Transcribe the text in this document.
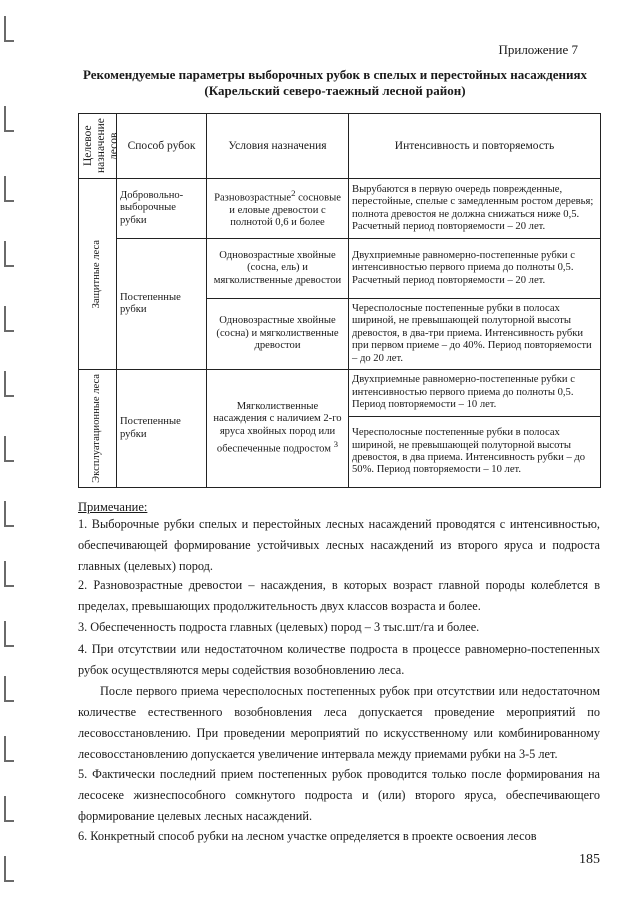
Приложение 7
Рекомендуемые параметры выборочных рубок в спелых и перестойных насаждениях
(Карельский северо-таежный лесной район)
Целевое назначение лесов	Способ рубок	Условия назначения	Интенсивность и повторяемость

Защитные леса	Добровольно-выборочные рубки	Разновозрастные$^2$ сосновые и еловые древостои с полнотой 0,6 и более	Вырубаются в первую очередь поврежденные, перестойные, спелые с замедленным ростом деревья; полнота древостоя не должна снижаться ниже 0,5. Расчетный период повторяемости – 20 лет.
	Постепенные рубки	Одновозрастные хвойные (сосна, ель) и мягколиственные древостои	Двухприемные равномерно-постепенные рубки с интенсивностью первого приема до полноты 0,5. Расчетный период повторяемости – 20 лет.
		Одновозрастные хвойные (сосна) и мягколиственные древостои	Чересполосные постепенные рубки в полосах шириной, не превышающей полуторной высоты древостоя, в два-три приема. Интенсивность рубки при первом приеме – до 40%. Период повторяемости – до 20 лет.

Эксплуатационные леса	Постепенные рубки	Мягколиственные насаждения с наличием 2-го яруса хвойных пород или обеспеченные подростом $^3$	Двухприемные равномерно-постепенные рубки с интенсивностью первого приема до полноты 0,5. Период повторяемости – 10 лет.
			Чересполосные постепенные рубки в полосах шириной, не превышающей полуторной высоты древостоя, в два приема. Интенсивность рубки – до 50%. Период повторяемости – 10 лет.
Примечание:
1. Выборочные рубки спелых и перестойных лесных насаждений проводятся с интенсивностью, обеспечивающей формирование устойчивых лесных насаждений из второго яруса и подроста главных (целевых) пород.
2. Разновозрастные древостои – насаждения, в которых возраст главной породы колеблется в пределах, превышающих продолжительность двух классов возраста и более.
3. Обеспеченность подроста главных (целевых) пород – 3 тыс.шт/га и более.
4. При отсутствии или недостаточном количестве подроста в процессе равномерно-постепенных рубок осуществляются меры содействия возобновлению леса.
После первого приема чересполосных постепенных рубок при отсутствии или недостаточном количестве естественного возобновления леса допускается проведение мероприятий по лесовосстановлению. При проведении мероприятий по искусственному или комбинированному лесовосстановлению допускается увеличение интервала между приемами рубки на 3-5 лет.
5. Фактически последний прием постепенных рубок проводится только после формирования на лесосеке жизнеспособного сомкнутого подроста и (или) второго яруса, обеспечивающего формирование целевых лесных насаждений.
6. Конкретный способ рубки на лесном участке определяется в проекте освоения лесов
185
